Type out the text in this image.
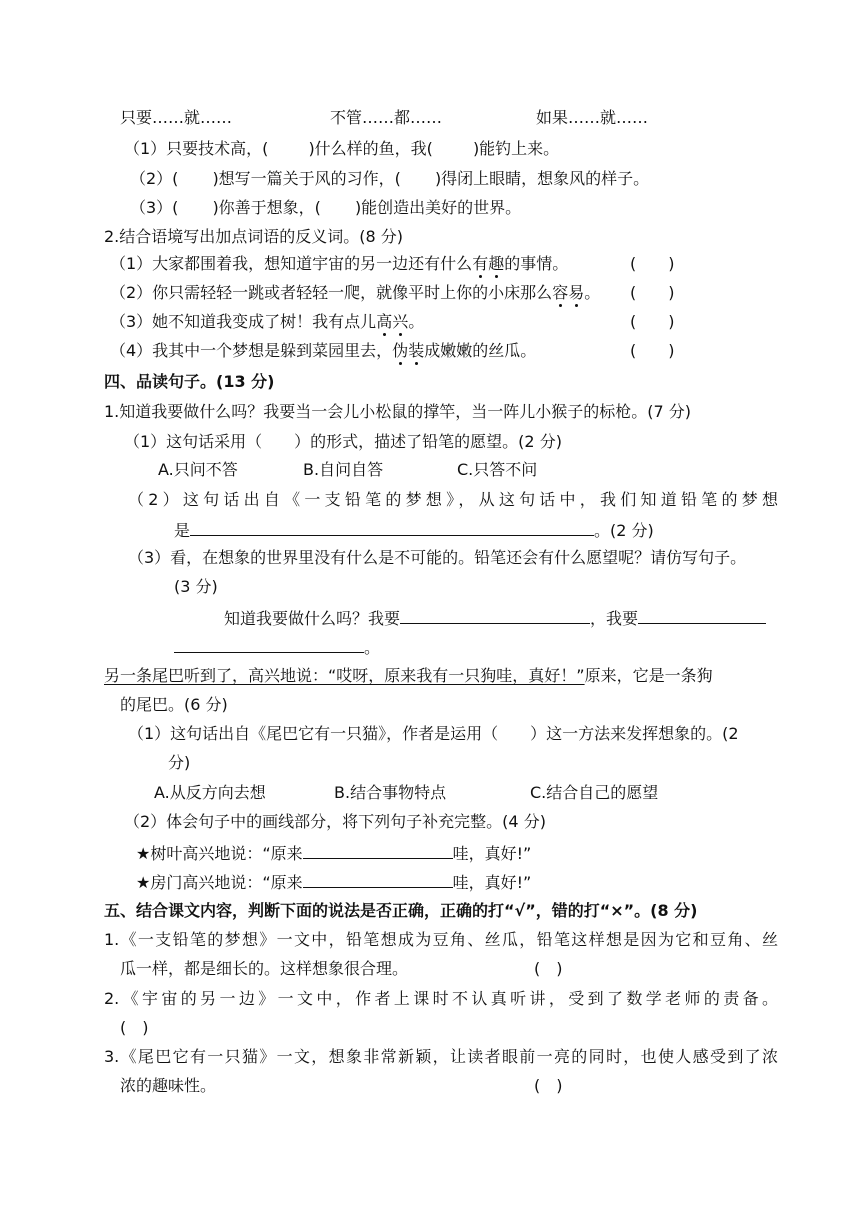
只要……就……	不管……都……	如果……就……
（1）只要技术高，(	)什么样的鱼，我(	)能钓上来。
（2）( )想写一篇关于风的习作，( )得闭上眼睛，想象风的样子。
（3）( )你善于想象，( )能创造出美好的世界。
2.结合语境写出加点词语的反义词。(8 分)
（1）大家都围着我，想知道宇宙的另一边还有什么有趣的事情。	(　　)
（2）你只需轻轻一跳或者轻轻一爬，就像平时上你的小床那么容易。 (　　)
（3）她不知道我变成了树！我有点儿高兴。	(　　)
（4）我其中一个梦想是躲到菜园里去，伪装成嫩嫩的丝瓜。	(　　)
四、品读句子。(13 分)
1.知道我要做什么吗？我要当一会儿小松鼠的撑竿，当一阵儿小猴子的标枪。(7 分)
（1）这句话采用（　　）的形式，描述了铅笔的愿望。(2 分)
A.只问不答	B.自问自答	C.只答不问
（2）这句话出自《一支铅笔的梦想》，从这句话中，我们知道铅笔的梦想
是	。(2 分)
（3）看，在想象的世界里没有什么是不可能的。铅笔还会有什么愿望呢？请仿写句子。
(3 分)
知道我要做什么吗？我要	，我要
。
另一条尾巴听到了，高兴地说：“哎呀，原来我有一只狗哇，真好！”原来，它是一条狗
的尾巴。(6 分)
（1）这句话出自《尾巴它有一只猫》，作者是运用（　　）这一方法来发挥想象的。(2
分)
A.从反方向去想	B.结合事物特点	C.结合自己的愿望
（2）体会句子中的画线部分，将下列句子补充完整。(4 分)
★树叶高兴地说：“原来	哇，真好!”
★房门高兴地说：“原来	哇，真好!”
五、结合课文内容，判断下面的说法是否正确，正确的打“√”，错的打“×”。(8 分)
1.《一支铅笔的梦想》一文中，铅笔想成为豆角、丝瓜，铅笔这样想是因为它和豆角、丝
瓜一样，都是细长的。这样想象很合理。	(　)
2.《宇宙的另一边》一文中，作者上课时不认真听讲，受到了数学老师的责备。
(　)
3.《尾巴它有一只猫》一文，想象非常新颖，让读者眼前一亮的同时，也使人感受到了浓
浓的趣味性。	(　)
